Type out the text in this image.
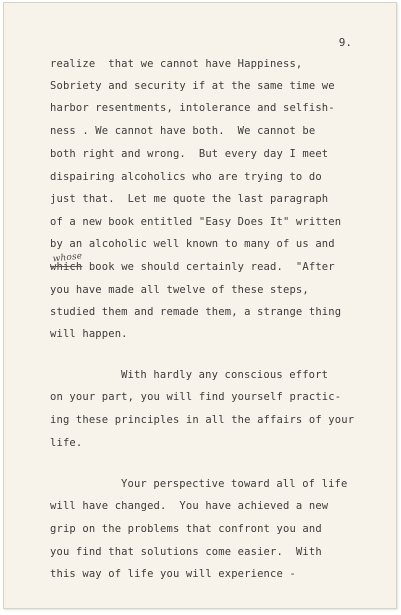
9.
realize  that we cannot have Happiness,
Sobriety and security if at the same time we
harbor resentments, intolerance and selfish-
ness . We cannot have both.  We cannot be
both right and wrong.  But every day I meet
dispairing alcoholics who are trying to do
just that.  Let me quote the last paragraph
of a new book entitled "Easy Does It" written
by an alcoholic well known to many of us and
which
whose
book we should certainly read.  "After
you have made all twelve of these steps,
studied them and remade them, a strange thing
will happen.
With hardly any conscious effort
on your part, you will find yourself practic-
ing these principles in all the affairs of your
life.
Your perspective toward all of life
will have changed.  You have achieved a new
grip on the problems that confront you and
you find that solutions come easier.  With
this way of life you will experience -
